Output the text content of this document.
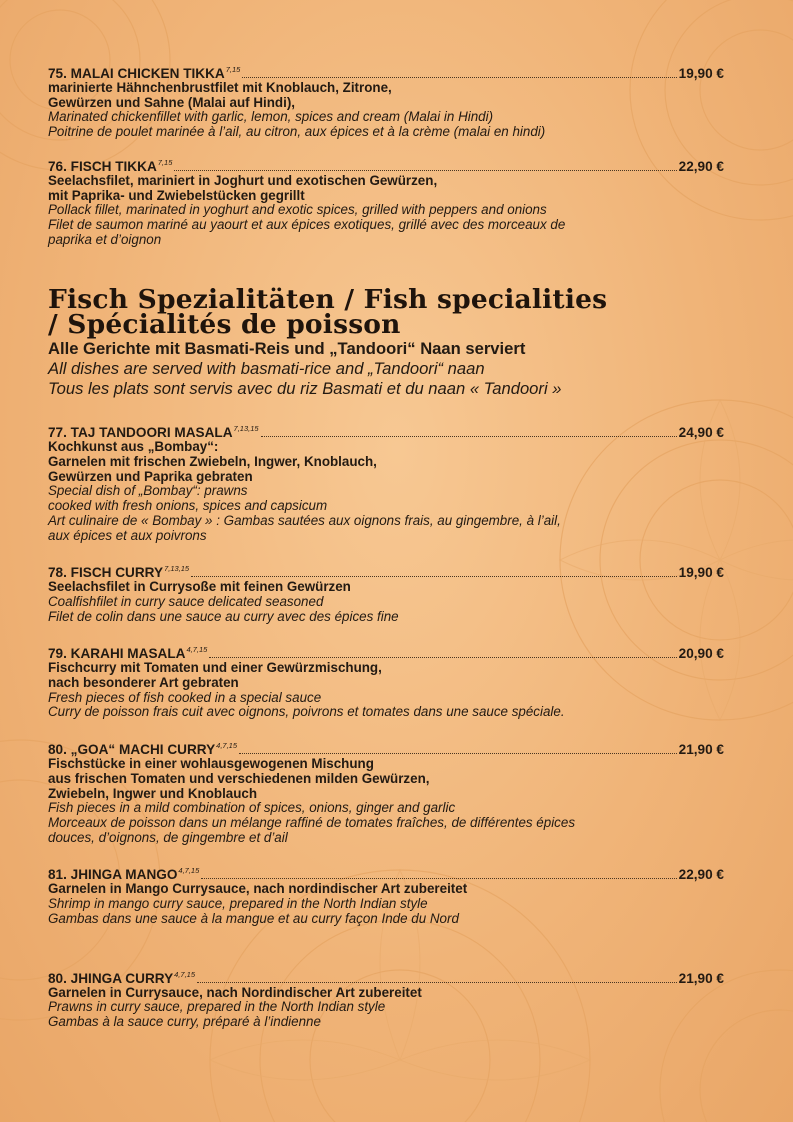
75. MALAI CHICKEN TIKKA$^{7,15}$	19,90 €
marinierte Hähnchenbrustfilet mit Knoblauch, Zitrone,
Gewürzen und Sahne (Malai auf Hindi),
Marinated chickenfillet with garlic, lemon, spices and cream (Malai in Hindi)
Poitrine de poulet marinée à l’ail, au citron, aux épices et à la crème (malai en hindi)
76. FISCH TIKKA$^{7,15}$	22,90 €
Seelachsfilet, mariniert in Joghurt und exotischen Gewürzen,
mit Paprika- und Zwiebelstücken gegrillt
Pollack fillet, marinated in yoghurt and exotic spices, grilled with peppers and onions
Filet de saumon mariné au yaourt et aux épices exotiques, grillé avec des morceaux de
paprika et d’oignon
Fisch Spezialitäten / Fish specialities
/ Spécialités de poisson
Alle Gerichte mit Basmati-Reis und „Tandoori“ Naan serviert
All dishes are served with basmati-rice and „Tandoori“ naan
Tous les plats sont servis avec du riz Basmati et du naan « Tandoori »
77. TAJ TANDOORI MASALA$^{7,13,15}$	24,90 €
Kochkunst aus „Bombay“:
Garnelen mit frischen Zwiebeln, Ingwer, Knoblauch,
Gewürzen und Paprika gebraten
Special dish of „Bombay“: prawns
cooked with fresh onions, spices and capsicum
Art culinaire de « Bombay » : Gambas sautées aux oignons frais, au gingembre, à l’ail,
aux épices et aux poivrons
78. FISCH CURRY$^{7,13,15}$	19,90 €
Seelachsfilet in Currysoße mit feinen Gewürzen
Coalfishfilet in curry sauce delicated seasoned
Filet de colin dans une sauce au curry avec des épices fine
79. KARAHI MASALA$^{4,7,15}$	20,90 €
Fischcurry mit Tomaten und einer Gewürzmischung,
nach besonderer Art gebraten
Fresh pieces of fish cooked in a special sauce
Curry de poisson frais cuit avec oignons, poivrons et tomates dans une sauce spéciale.
80. „GOA“ MACHI CURRY$^{4,7,15}$	21,90 €
Fischstücke in einer wohlausgewogenen Mischung
aus frischen Tomaten und verschiedenen milden Gewürzen,
Zwiebeln, Ingwer und Knoblauch
Fish pieces in a mild combination of spices, onions, ginger and garlic
Morceaux de poisson dans un mélange raffiné de tomates fraîches, de différentes épices
douces, d’oignons, de gingembre et d’ail
81. JHINGA MANGO$^{4,7,15}$	22,90 €
Garnelen in Mango Currysauce, nach nordindischer Art zubereitet
Shrimp in mango curry sauce, prepared in the North Indian style
Gambas dans une sauce à la mangue et au curry façon Inde du Nord
80. JHINGA CURRY$^{4,7,15}$	21,90 €
Garnelen in Currysauce, nach Nordindischer Art zubereitet
Prawns in curry sauce, prepared in the North Indian style
Gambas à la sauce curry, préparé à l’indienne
